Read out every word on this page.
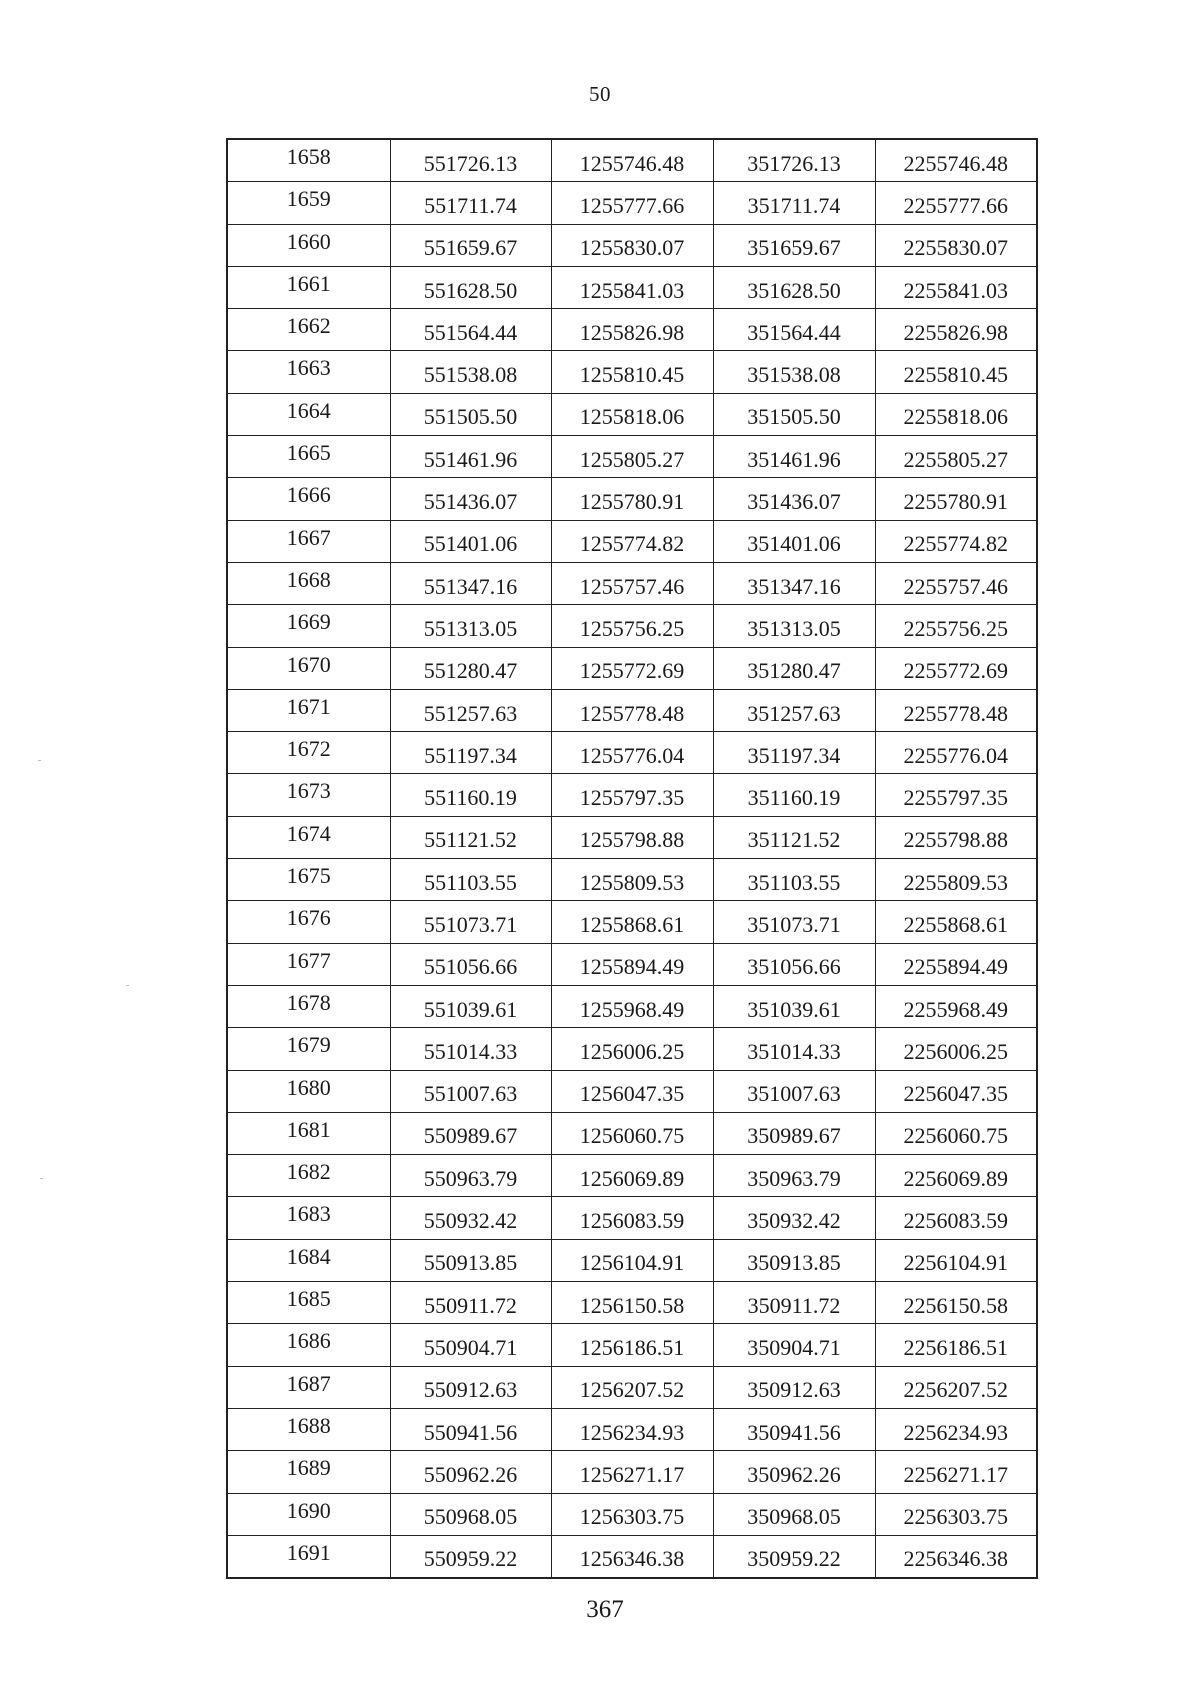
50
1658	551726.13	1255746.48	351726.13	2255746.48
1659	551711.74	1255777.66	351711.74	2255777.66
1660	551659.67	1255830.07	351659.67	2255830.07
1661	551628.50	1255841.03	351628.50	2255841.03
1662	551564.44	1255826.98	351564.44	2255826.98
1663	551538.08	1255810.45	351538.08	2255810.45
1664	551505.50	1255818.06	351505.50	2255818.06
1665	551461.96	1255805.27	351461.96	2255805.27
1666	551436.07	1255780.91	351436.07	2255780.91
1667	551401.06	1255774.82	351401.06	2255774.82
1668	551347.16	1255757.46	351347.16	2255757.46
1669	551313.05	1255756.25	351313.05	2255756.25
1670	551280.47	1255772.69	351280.47	2255772.69
1671	551257.63	1255778.48	351257.63	2255778.48
1672	551197.34	1255776.04	351197.34	2255776.04
1673	551160.19	1255797.35	351160.19	2255797.35
1674	551121.52	1255798.88	351121.52	2255798.88
1675	551103.55	1255809.53	351103.55	2255809.53
1676	551073.71	1255868.61	351073.71	2255868.61
1677	551056.66	1255894.49	351056.66	2255894.49
1678	551039.61	1255968.49	351039.61	2255968.49
1679	551014.33	1256006.25	351014.33	2256006.25
1680	551007.63	1256047.35	351007.63	2256047.35
1681	550989.67	1256060.75	350989.67	2256060.75
1682	550963.79	1256069.89	350963.79	2256069.89
1683	550932.42	1256083.59	350932.42	2256083.59
1684	550913.85	1256104.91	350913.85	2256104.91
1685	550911.72	1256150.58	350911.72	2256150.58
1686	550904.71	1256186.51	350904.71	2256186.51
1687	550912.63	1256207.52	350912.63	2256207.52
1688	550941.56	1256234.93	350941.56	2256234.93
1689	550962.26	1256271.17	350962.26	2256271.17
1690	550968.05	1256303.75	350968.05	2256303.75
1691	550959.22	1256346.38	350959.22	2256346.38
367
